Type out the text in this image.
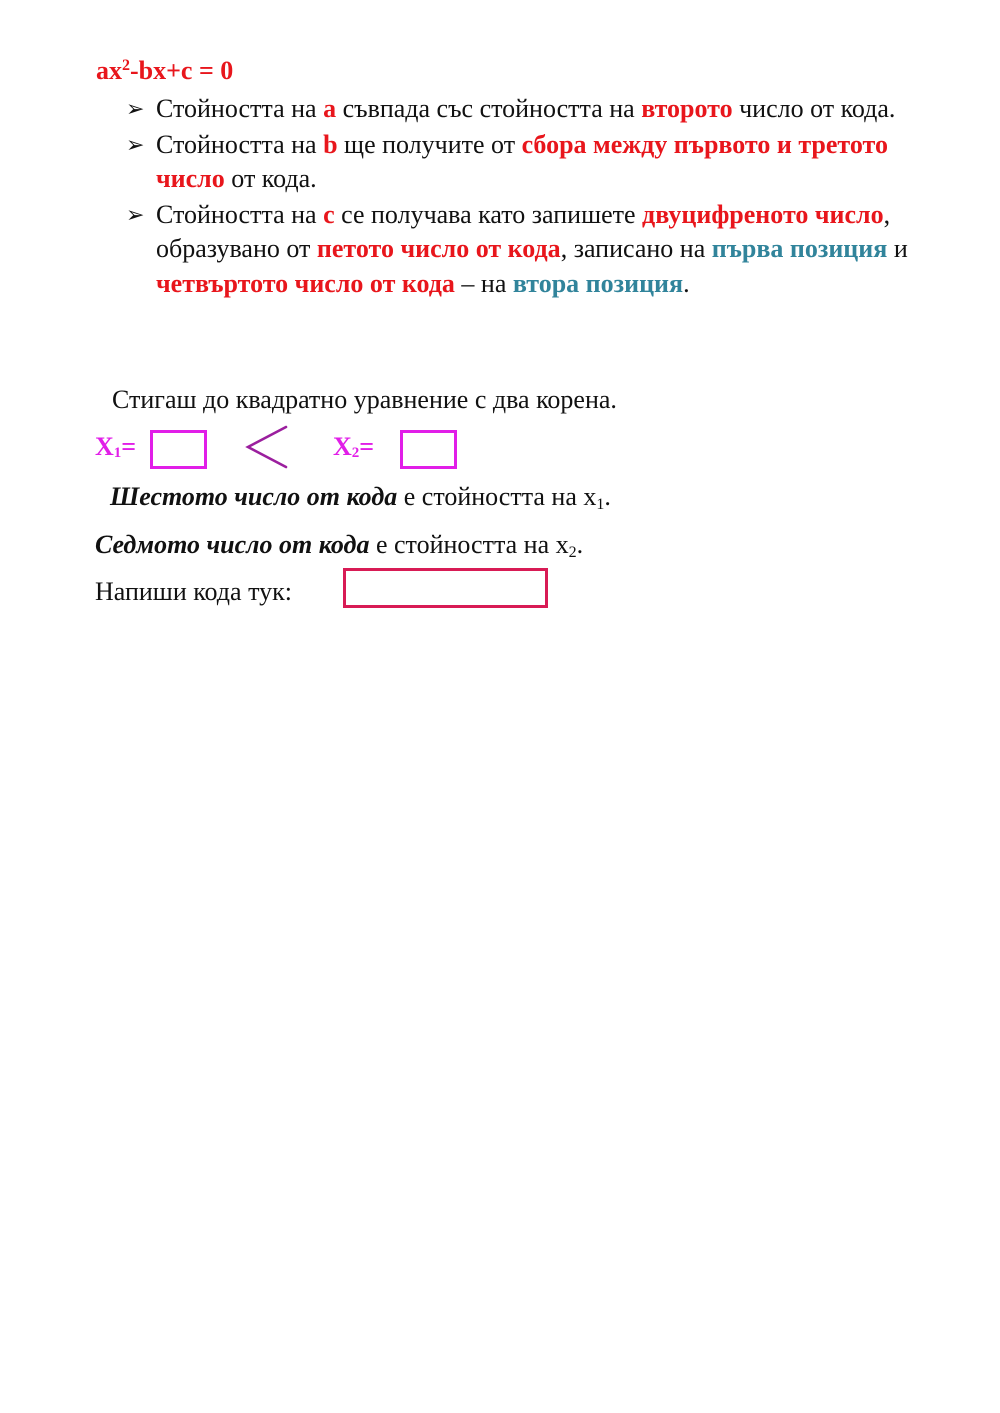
$ax^2-bx+c = 0$
➢ Стойността на a съвпада със стойността на второто число от кода.
➢ Стойността на b ще получите от сбора между първото и третото число от кода.
➢ Стойността на c се получава като запишете двуцифреното число, образувано от петото число от кода, записано на първа позиция и четвъртото число от кода – на втора позиция.
Стигаш до квадратно уравнение с два корена.
$X_1=$	$X_2=$
Шестото число от кода е стойността на $x_1$.
Седмото число от кода е стойността на $x_2$.
Напиши кода тук:
